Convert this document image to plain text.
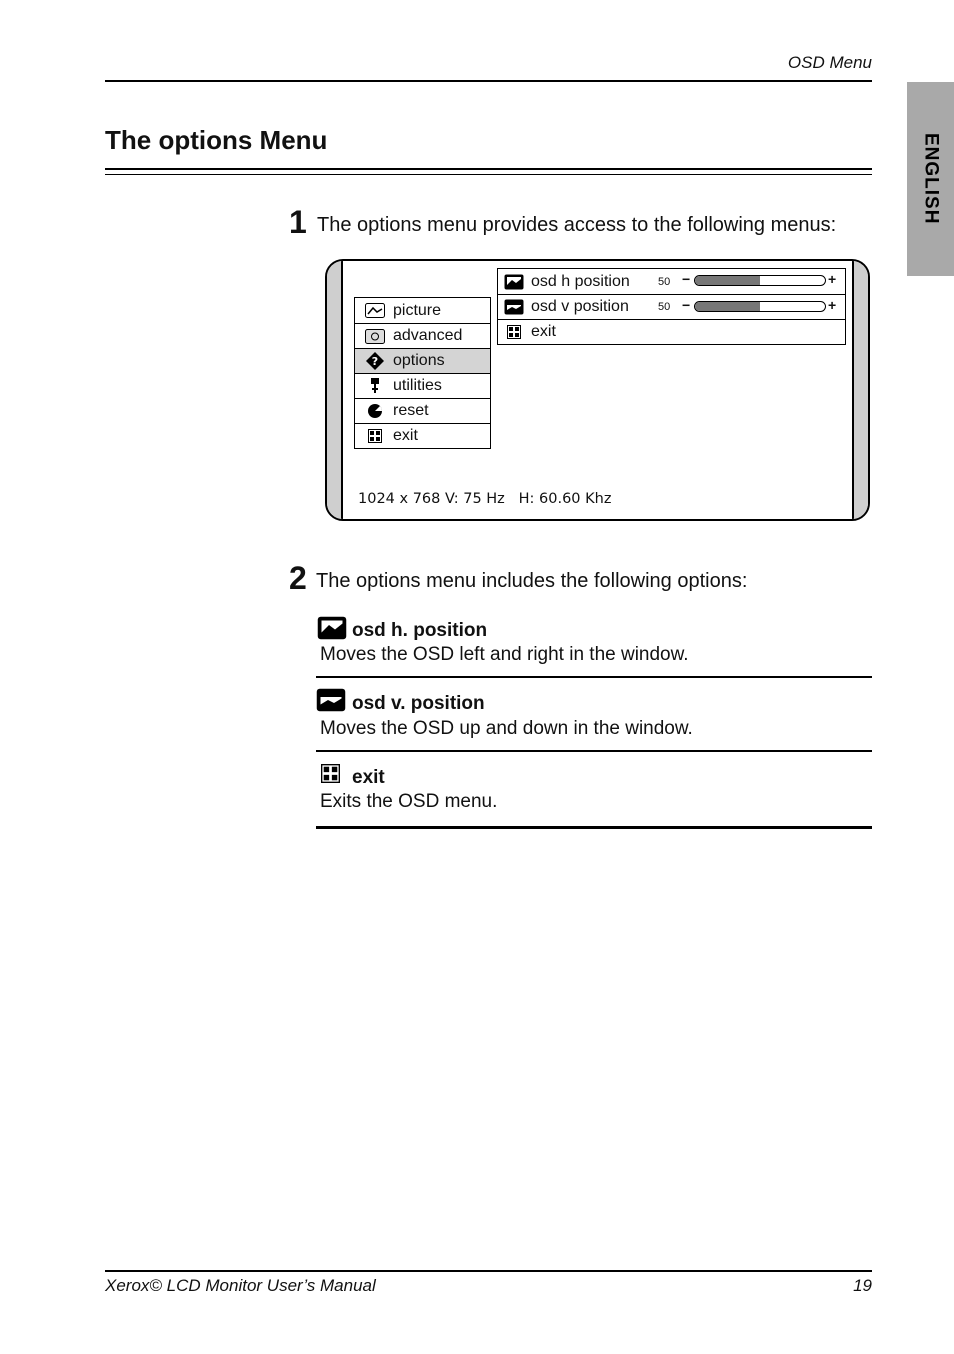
OSD Menu
ENGLISH
The options Menu
1 The options menu provides access to the following menus:
picture
advanced
? options
utilities
reset
exit
osd h position	50 −	+
osd v position	50 −	+
exit
1024 x 768 V: 75 Hz   H: 60.60 Khz
2 The options menu includes the following options:
osd h. position
Moves the OSD left and right in the window.
osd v. position
Moves the OSD up and down in the window.
exit
Exits the OSD menu.
Xerox© LCD Monitor User’s Manual	19
